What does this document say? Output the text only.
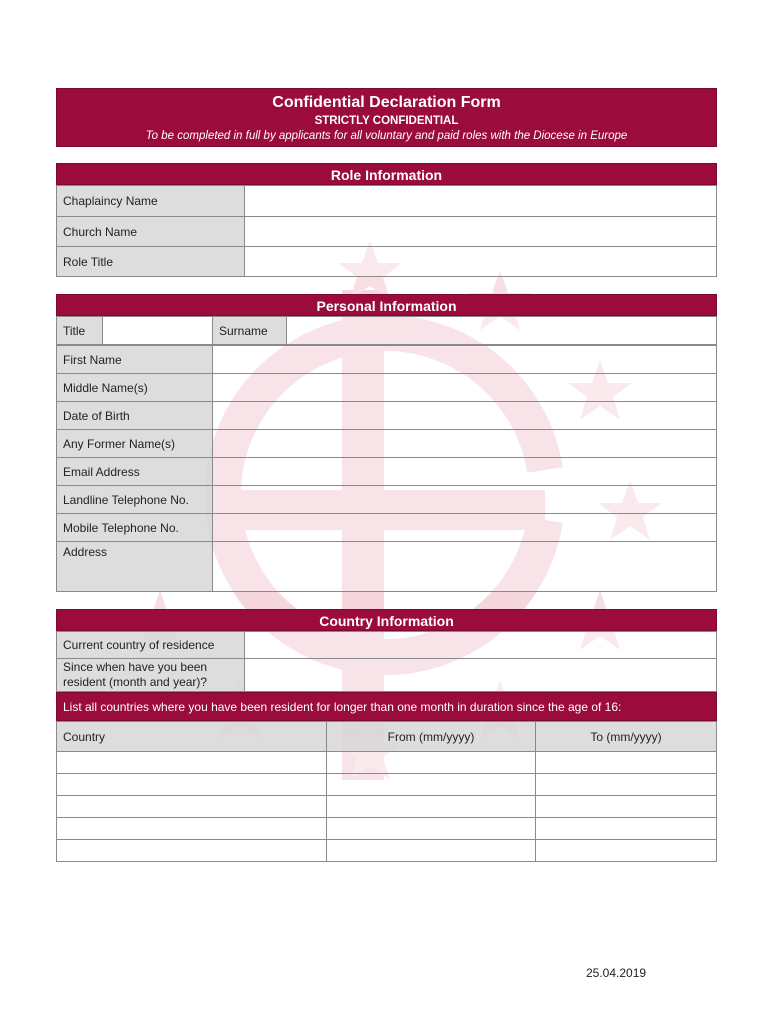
Confidential Declaration Form
STRICTLY CONFIDENTIAL
To be completed in full by applicants for all voluntary and paid roles with the Diocese in Europe
Role Information
Chaplaincy Name	
Church Name	
Role Title	
Personal Information
Title		Surname	
First Name	
Middle Name(s)	
Date of Birth	
Any Former Name(s)	
Email Address	
Landline Telephone No.	
Mobile Telephone No.	
Address	
Country Information
Current country of residence	
Since when have you been resident (month and year)?	
List all countries where you have been resident for longer than one month in duration since the age of 16:
Country	From (mm/yyyy)	To (mm/yyyy)

25.04.2019
